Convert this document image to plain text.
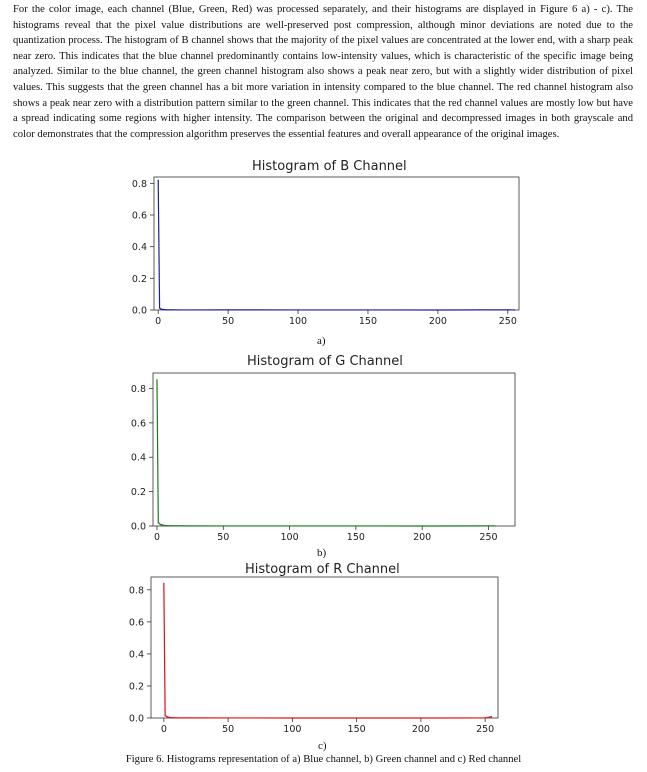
For the color image, each channel (Blue, Green, Red) was processed separately, and their histograms are displayed in Figure 6 a) - c). The histograms reveal that the pixel value distributions are well-preserved post compression, although minor deviations are noted due to the quantization process. The histogram of B channel shows that the majority of the pixel values are concentrated at the lower end, with a sharp peak near zero. This indicates that the blue channel predominantly contains low-intensity values, which is characteristic of the specific image being analyzed. Similar to the blue channel, the green channel histogram also shows a peak near zero, but with a slightly wider distribution of pixel values. This suggests that the green channel has a bit more variation in intensity compared to the blue channel. The red channel histogram also shows a peak near zero with a distribution pattern similar to the green channel. This indicates that the red channel values are mostly low but have a spread indicating some regions with higher intensity. The comparison between the original and decompressed images in both grayscale and color demonstrates that the compression algorithm preserves the essential features and overall appearance of the original images.

Histogram of B Channel
a)
Histogram of G Channel
b)
Histogram of R Channel
c)
Figure 6. Histograms representation of a) Blue channel, b) Green channel and c) Red channel
0.0
0.2
0.4
0.6
0.8
0	50	100	150	200	250
0.0
0.2
0.4
0.6
0.8
0	50	100	150	200	250
0.0
0.2
0.4
0.6
0.8
0	50	100	150	200	250
